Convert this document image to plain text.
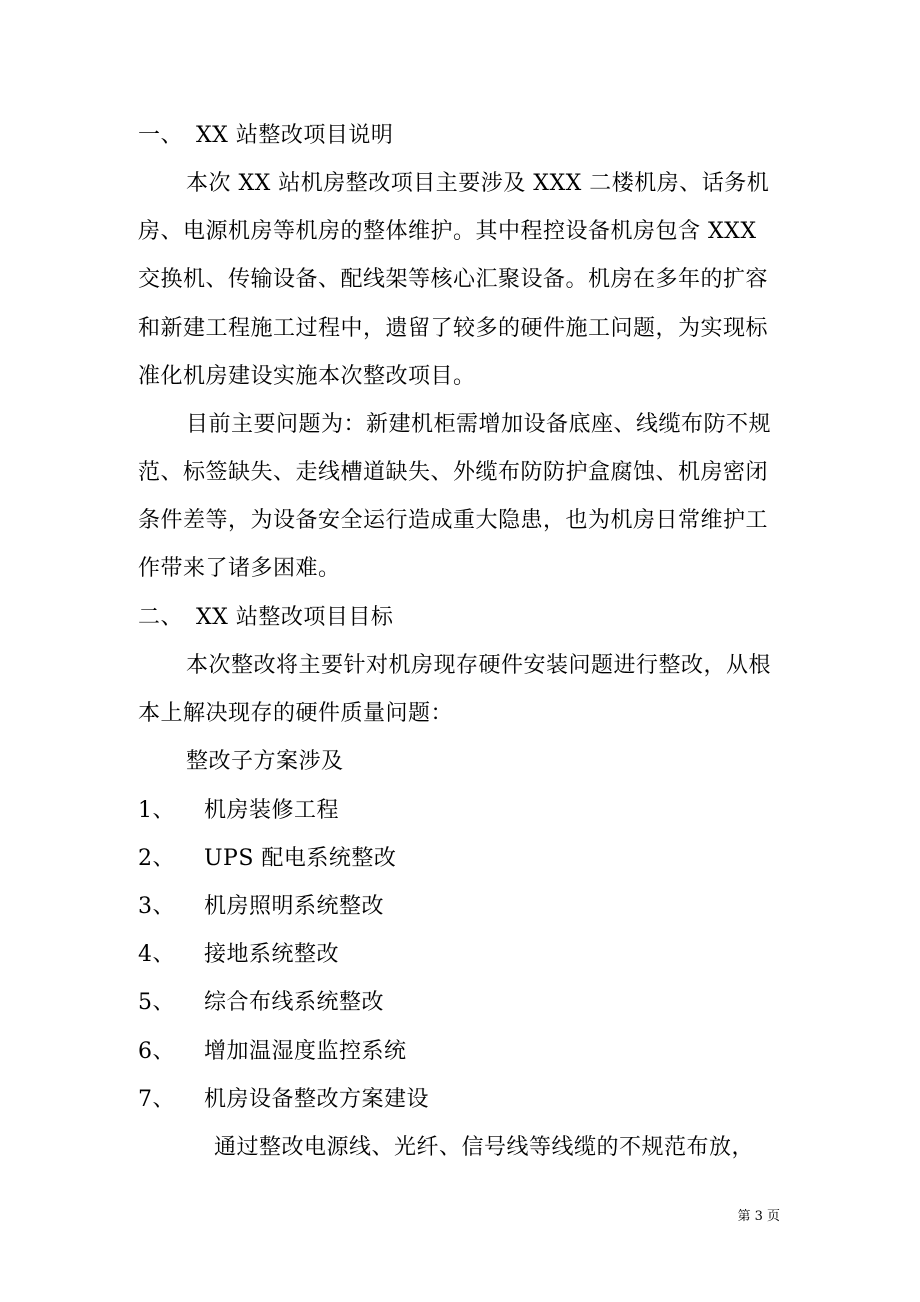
一、 XX 站整改项目说明
本次 XX 站机房整改项目主要涉及 XXX 二楼机房、话务机
房、电源机房等机房的整体维护。其中程控设备机房包含 XXX
交换机、传输设备、配线架等核心汇聚设备。机房在多年的扩容
和新建工程施工过程中，遗留了较多的硬件施工问题，为实现标
准化机房建设实施本次整改项目。
目前主要问题为：新建机柜需增加设备底座、线缆布防不规
范、标签缺失、走线槽道缺失、外缆布防防护盒腐蚀、机房密闭
条件差等，为设备安全运行造成重大隐患，也为机房日常维护工
作带来了诸多困难。
二、 XX 站整改项目目标
本次整改将主要针对机房现存硬件安装问题进行整改，从根
本上解决现存的硬件质量问题：
整改子方案涉及
1、 机房装修工程
2、 UPS 配电系统整改
3、 机房照明系统整改
4、 接地系统整改
5、 综合布线系统整改
6、 增加温湿度监控系统
7、 机房设备整改方案建设
通过整改电源线、光纤、信号线等线缆的不规范布放，
第 3 页
